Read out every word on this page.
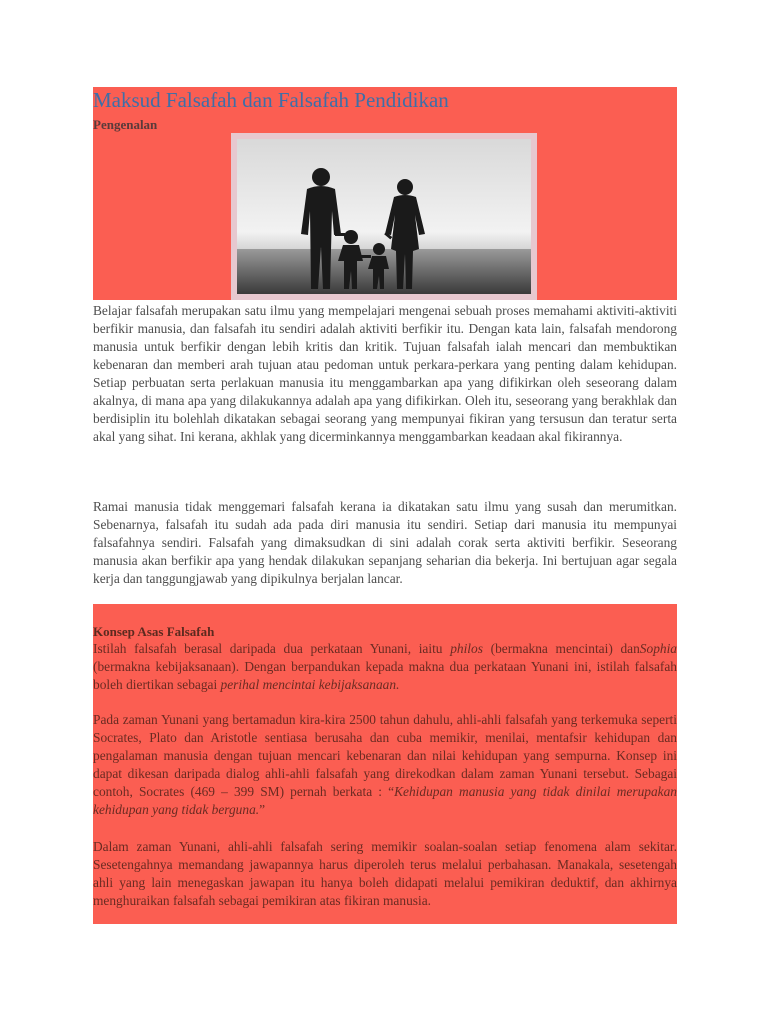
Maksud Falsafah dan Falsafah Pendidikan
Pengenalan

Belajar falsafah merupakan satu ilmu yang mempelajari mengenai sebuah proses memahami aktiviti-aktiviti berfikir manusia, dan falsafah itu sendiri adalah aktiviti berfikir itu. Dengan kata lain, falsafah mendorong manusia untuk berfikir dengan lebih kritis dan kritik. Tujuan falsafah ialah mencari dan membuktikan kebenaran dan memberi arah tujuan atau pedoman untuk perkara-perkara yang penting dalam kehidupan. Setiap perbuatan serta perlakuan manusia itu menggambarkan apa yang difikirkan oleh seseorang dalam akalnya, di mana apa yang dilakukannya adalah apa yang difikirkan. Oleh itu, seseorang yang berakhlak dan berdisiplin itu bolehlah dikatakan sebagai seorang yang mempunyai fikiran yang tersusun dan teratur serta akal yang sihat. Ini kerana, akhlak yang dicerminkannya menggambarkan keadaan akal fikirannya.

Ramai manusia tidak menggemari falsafah kerana ia dikatakan satu ilmu yang susah dan merumitkan. Sebenarnya, falsafah itu sudah ada pada diri manusia itu sendiri. Setiap dari manusia itu mempunyai falsafahnya sendiri. Falsafah yang dimaksudkan di sini adalah corak serta aktiviti berfikir. Seseorang manusia akan berfikir apa yang hendak dilakukan sepanjang seharian dia bekerja. Ini bertujuan agar segala kerja dan tanggungjawab yang dipikulnya berjalan lancar.

Konsep Asas Falsafah

Istilah falsafah berasal daripada dua perkataan Yunani, iaitu philos (bermakna mencintai) danSophia (bermakna kebijaksanaan). Dengan berpandukan kepada makna dua perkataan Yunani ini, istilah falsafah boleh diertikan sebagai perihal mencintai kebijaksanaan.

Pada zaman Yunani yang bertamadun kira-kira 2500 tahun dahulu, ahli-ahli falsafah yang terkemuka seperti Socrates, Plato dan Aristotle sentiasa berusaha dan cuba memikir, menilai, mentafsir kehidupan dan pengalaman manusia dengan tujuan mencari kebenaran dan nilai kehidupan yang sempurna. Konsep ini dapat dikesan daripada dialog ahli-ahli falsafah yang direkodkan dalam zaman Yunani tersebut. Sebagai contoh, Socrates (469 – 399 SM) pernah berkata : “Kehidupan manusia yang tidak dinilai merupakan kehidupan yang tidak berguna.”

Dalam zaman Yunani, ahli-ahli falsafah sering memikir soalan-soalan setiap fenomena alam sekitar. Sesetengahnya memandang jawapannya harus diperoleh terus melalui perbahasan. Manakala, sesetengah ahli yang lain menegaskan jawapan itu hanya boleh didapati melalui pemikiran deduktif, dan akhirnya menghuraikan falsafah sebagai pemikiran atas fikiran manusia.
